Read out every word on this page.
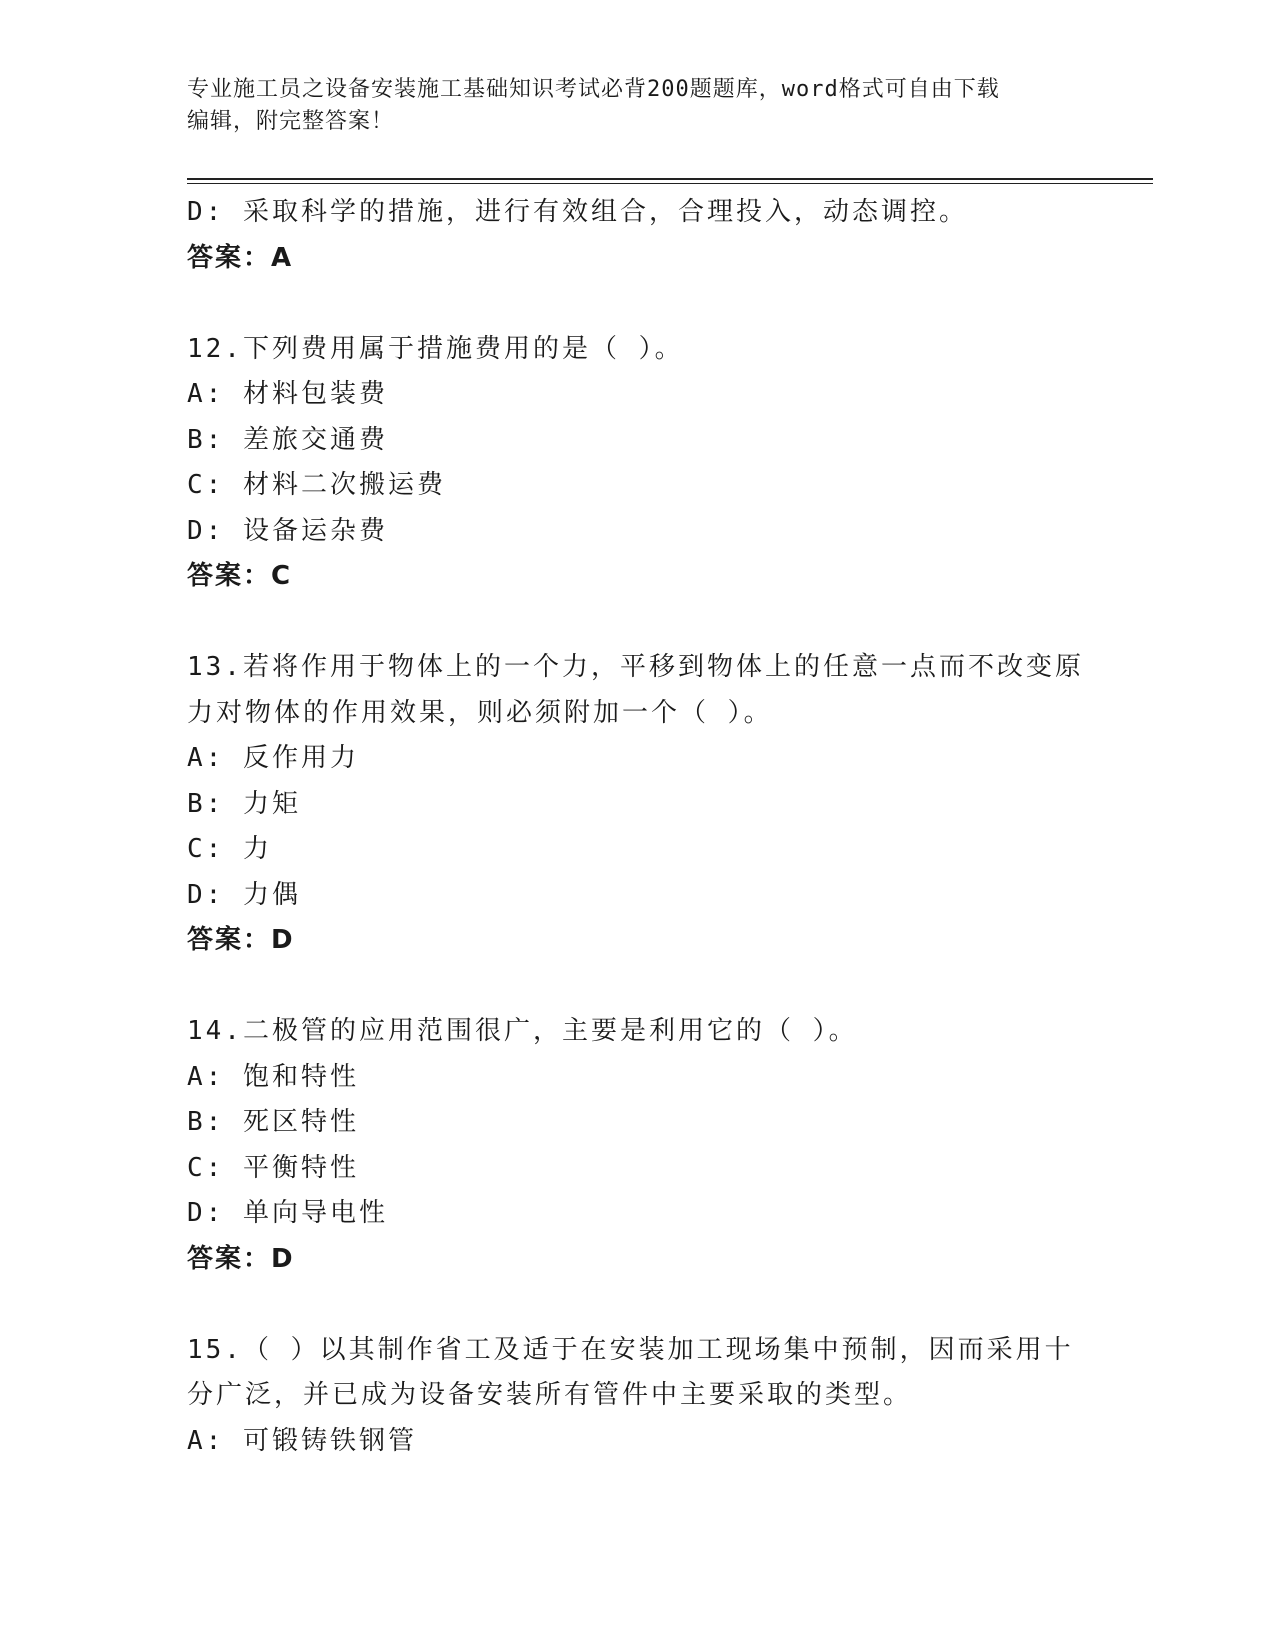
专业施工员之设备安装施工基础知识考试必背200题题库，word格式可自由下载
编辑，附完整答案！
D: 采取科学的措施，进行有效组合，合理投入，动态调控。
答案：A
12.下列费用属于措施费用的是（ ）。
A: 材料包装费
B: 差旅交通费
C: 材料二次搬运费
D: 设备运杂费
答案：C
13.若将作用于物体上的一个力，平移到物体上的任意一点而不改变原
力对物体的作用效果，则必须附加一个（ ）。
A: 反作用力
B: 力矩
C: 力
D: 力偶
答案：D
14.二极管的应用范围很广，主要是利用它的（ ）。
A: 饱和特性
B: 死区特性
C: 平衡特性
D: 单向导电性
答案：D
15.（ ）以其制作省工及适于在安装加工现场集中预制，因而采用十
分广泛，并已成为设备安装所有管件中主要采取的类型。
A: 可锻铸铁钢管
